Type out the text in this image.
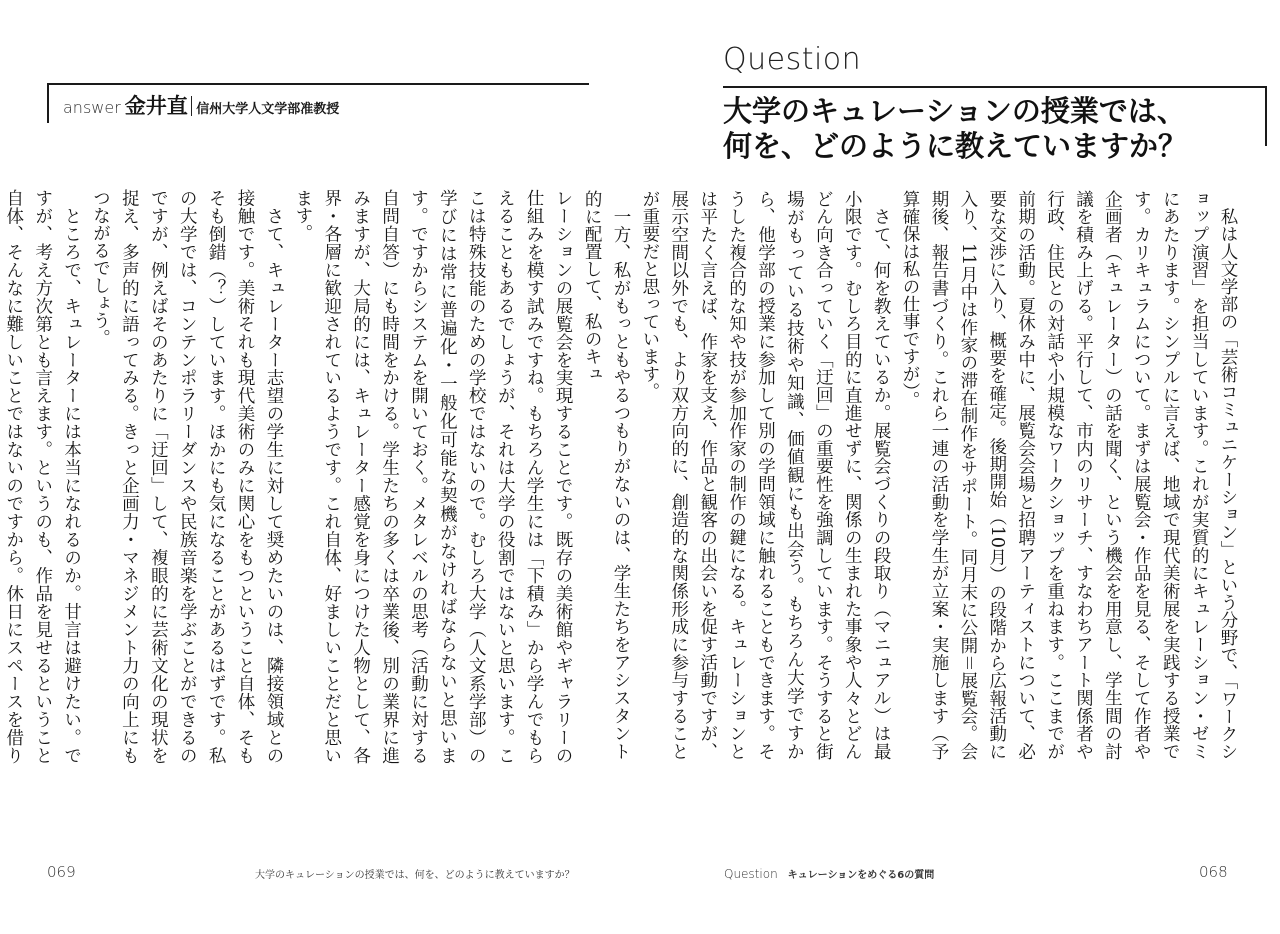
answer 金井直 信州大学人文学部准教授

レーションの展覧会を実現することです。既存の美術館やギャラリーの仕組みを模す試みですね。もちろん学生には「下積み」から学んでもらえることもあるでしょうが、それは大学の役割ではないと思います。ここは特殊技能のための学校ではないので。むしろ大学（人文系学部）の学びには常に普遍化・一般化可能な契機がなければならないと思います。ですからシステムを開いておく。メタレベルの思考（活動に対する自問自答）にも時間をかける。学生たちの多くは卒業後、別の業界に進みますが、大局的には、キュレーター感覚を身につけた人物として、各界・各層に歓迎されているようです。これ自体、好ましいことだと思います。

　さて、キュレーター志望の学生に対して奨めたいのは、隣接領域との接触です。美術それも現代美術のみに関心をもつということ自体、そもそも倒錯（？）しています。ほかにも気になることがあるはずです。私の大学では、コンテンポラリーダンスや民族音楽を学ぶことができるのですが、例えばそのあたりに「迂回」して、複眼的に芸術文化の現状を捉え、多声的に語ってみる。きっと企画力・マネジメント力の向上にもつながるでしょう。

　ところで、キュレーターには本当になれるのか。甘言は避けたい。ですが、考え方次第とも言えます。というのも、作品を見せるということ自体、そんなに難しいことではないのですから。休日にスペースを借り

069	大学のキュレーションの授業では、何を、どのように教えていますか？
Question
大学のキュレーションの授業では、
何を、どのように教えていますか？

　私は人文学部の「芸術コミュニケーション」という分野で、「ワークショップ演習」を担当しています。これが実質的にキュレーション・ゼミにあたります。シンプルに言えば、地域で現代美術展を実践する授業です。カリキュラムについて。まずは展覧会・作品を見る、そして作者や企画者（キュレーター）の話を聞く、という機会を用意し、学生間の討議を積み上げる。平行して、市内のリサーチ、すなわちアート関係者や行政、住民との対話や小規模なワークショップを重ねます。ここまでが前期の活動。夏休み中に、展覧会会場と招聘アーティストについて、必要な交渉に入り、概要を確定。後期開始（10月）の段階から広報活動に入り、11月中は作家の滞在制作をサポート。同月末に公開＝展覧会。会期後、報告書づくり。これら一連の活動を学生が立案・実施します（予算確保は私の仕事ですが）。

　さて、何を教えているか。展覧会づくりの段取り（マニュアル）は最小限です。むしろ目的に直進せずに、関係の生まれた事象や人々とどんどん向き合っていく「迂回」の重要性を強調しています。そうすると街場がもっている技術や知識、価値観にも出会う。もちろん大学ですから、他学部の授業に参加して別の学問領域に触れることもできます。そうした複合的な知や技が参加作家の制作の鍵になる。キュレーションとは平たく言えば、作家を支え、作品と観客の出会いを促す活動ですが、展示空間以外でも、より双方向的に、創造的な関係形成に参与することが重要だと思っています。

　一方、私がもっともやるつもりがないのは、学生たちをアシスタント的に配置して、私のキュ

Question キュレーションをめぐる6の質問	068
